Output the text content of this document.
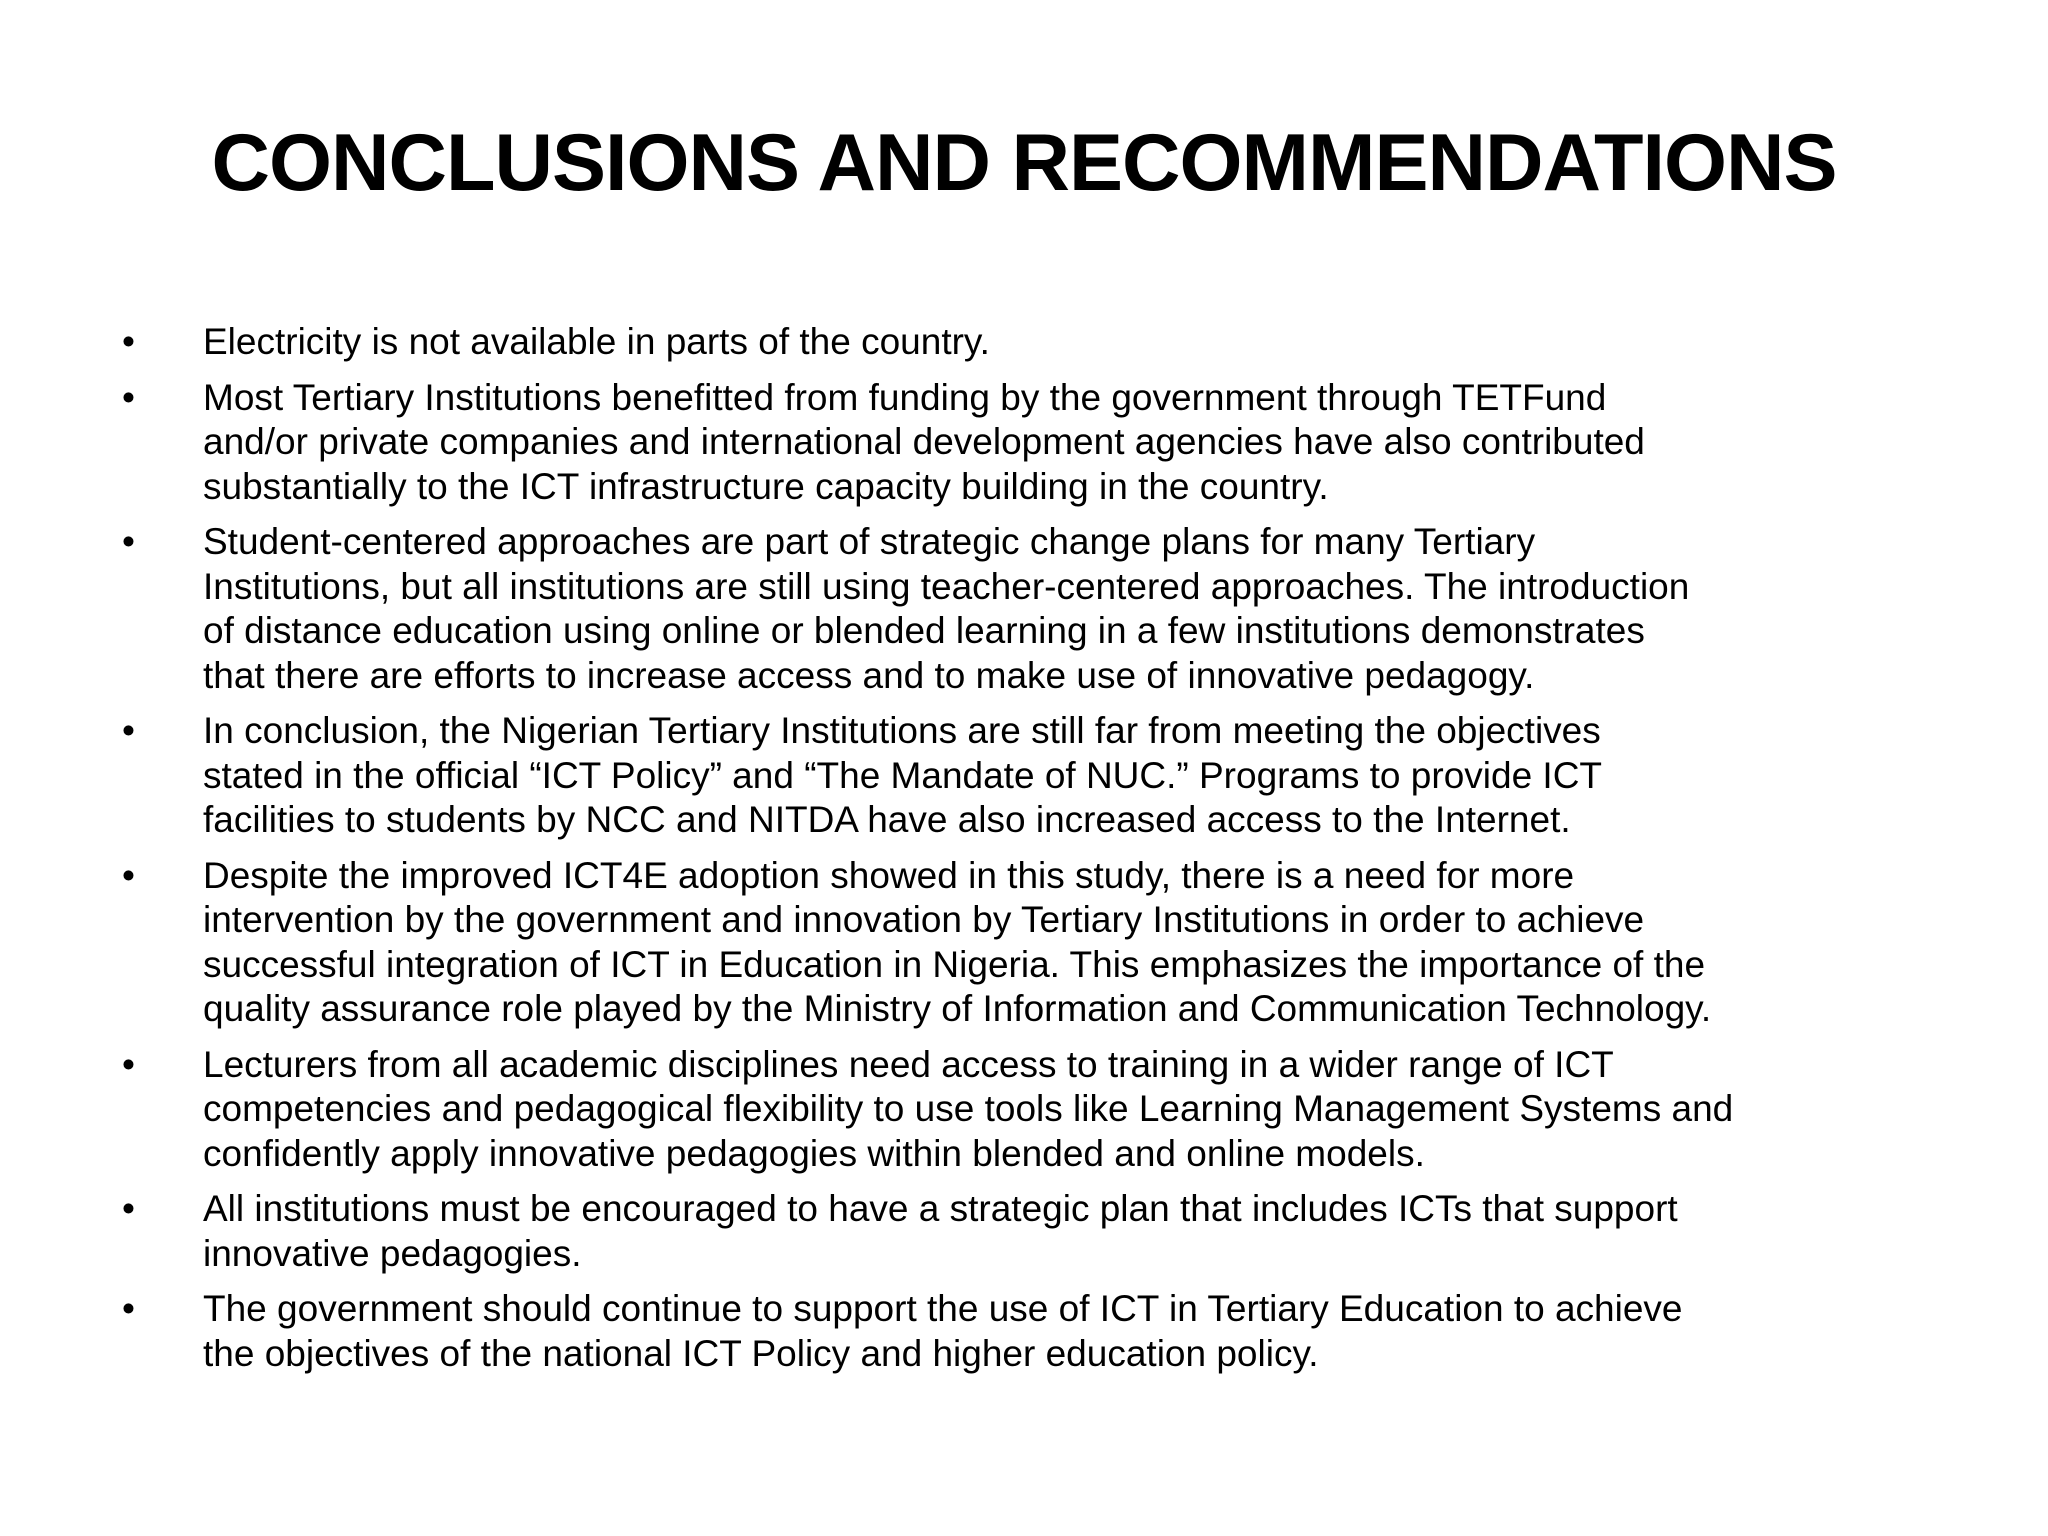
CONCLUSIONS AND RECOMMENDATIONS
• Electricity is not available in parts of the country.
• Most Tertiary Institutions benefitted from funding by the government through TETFund
and/or private companies and international development agencies have also contributed
substantially to the ICT infrastructure capacity building in the country.
• Student-centered approaches are part of strategic change plans for many Tertiary
Institutions, but all institutions are still using teacher-centered approaches. The introduction
of distance education using online or blended learning in a few institutions demonstrates
that there are efforts to increase access and to make use of innovative pedagogy.
• In conclusion, the Nigerian Tertiary Institutions are still far from meeting the objectives
stated in the official “ICT Policy” and “The Mandate of NUC.” Programs to provide ICT
facilities to students by NCC and NITDA have also increased access to the Internet.
• Despite the improved ICT4E adoption showed in this study, there is a need for more
intervention by the government and innovation by Tertiary Institutions in order to achieve
successful integration of ICT in Education in Nigeria. This emphasizes the importance of the
quality assurance role played by the Ministry of Information and Communication Technology.
• Lecturers from all academic disciplines need access to training in a wider range of ICT
competencies and pedagogical flexibility to use tools like Learning Management Systems and
confidently apply innovative pedagogies within blended and online models.
• All institutions must be encouraged to have a strategic plan that includes ICTs that support
innovative pedagogies.
• The government should continue to support the use of ICT in Tertiary Education to achieve
the objectives of the national ICT Policy and higher education policy.
